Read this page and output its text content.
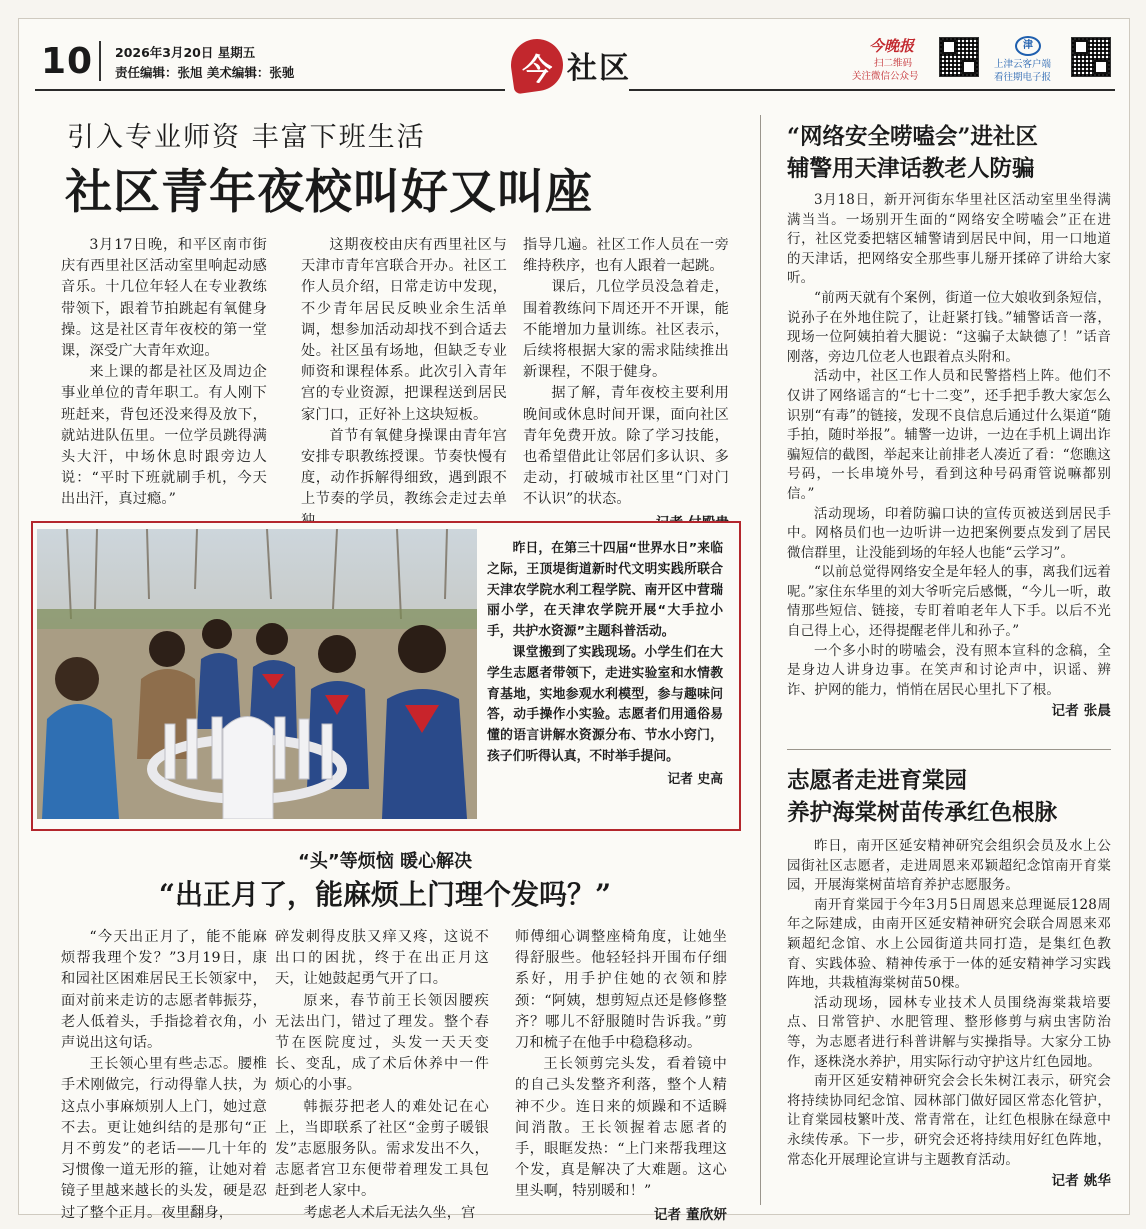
10 2026年3月20日 星期五
责任编辑：张旭 美术编辑：张驰	今 社区
今晚报
扫二维码
关注微信公众号
津
上津云客户端
看往期电子报
引入专业师资 丰富下班生活
社区青年夜校叫好又叫座

3月17日晚，和平区南市街庆有西里社区活动室里响起动感音乐。十几位年轻人在专业教练带领下，跟着节拍跳起有氧健身操。这是社区青年夜校的第一堂课，深受广大青年欢迎。

来上课的都是社区及周边企事业单位的青年职工。有人刚下班赶来，背包还没来得及放下，就站进队伍里。一位学员跳得满头大汗，中场休息时跟旁边人说：“平时下班就刷手机，今天出出汗，真过瘾。”

这期夜校由庆有西里社区与天津市青年宫联合开办。社区工作人员介绍，日常走访中发现，不少青年居民反映业余生活单调，想参加活动却找不到合适去处。社区虽有场地，但缺乏专业师资和课程体系。此次引入青年宫的专业资源，把课程送到居民家门口，正好补上这块短板。

首节有氧健身操课由青年宫安排专职教练授课。节奏快慢有度，动作拆解得细致，遇到跟不上节奏的学员，教练会走过去单

指导几遍。社区工作人员在一旁维持秩序，也有人跟着一起跳。

课后，几位学员没急着走，围着教练问下周还开不开课，能不能增加力量训练。社区表示，后续将根据大家的需求陆续推出新课程，不限于健身。

据了解，青年夜校主要利用晚间或休息时间开课，面向社区青年免费开放。除了学习技能，也希望借此让邻居们多认识、多走动，打破城市社区里“门对门不认识”的状态。

昨日，在第三十四届“世界水日”来临之际，王顶堤街道新时代文明实践所联合天津农学院水利工程学院、南开区中营瑞丽小学，在天津农学院开展“大手拉小手，共护水资源”主题科普活动。

课堂搬到了实践现场。小学生们在大学生志愿者带领下，走进实验室和水情教育基地，实地参观水利模型，参与趣味问答，动手操作小实验。志愿者们用通俗易懂的语言讲解水资源分布、节水小窍门，孩子们听得认真，不时举手提问。

记者 史高
“头”等烦恼 暖心解决
“出正月了，能麻烦上门理个发吗？”

“今天出正月了，能不能麻烦帮我理个发？”3月19日，康和园社区困难居民王长领家中，面对前来走访的志愿者韩振芬，老人低着头，手指捻着衣角，小声说出这句话。

王长领心里有些忐忑。腰椎手术刚做完，行动得靠人扶，为这点小事麻烦别人上门，她过意不去。更让她纠结的是那句“正月不剪发”的老话——几十年的习惯像一道无形的箍，让她对着镜子里越来越长的头发，硬是忍过了整个正月。夜里翻身，

碎发刺得皮肤又痒又疼，这说不出口的困扰，终于在出正月这天，让她鼓起勇气开了口。

原来，春节前王长领因腰疾无法出门，错过了理发。整个春节在医院度过，头发一天天变长、变乱，成了术后休养中一件烦心的小事。

韩振芬把老人的难处记在心上，当即联系了社区“金剪子暖银发”志愿服务队。需求发出不久，志愿者宫卫东便带着理发工具包赶到老人家中。

考虑老人术后无法久坐，宫

师傅细心调整座椅角度，让她坐得舒服些。他轻轻抖开围布仔细系好，用手护住她的衣领和脖颈：“阿姨，想剪短点还是修修整齐？哪儿不舒服随时告诉我。”剪刀和梳子在他手中稳稳移动。

王长领剪完头发，看着镜中的自己头发整齐利落，整个人精神不少。连日来的烦躁和不适瞬间消散。王长领握着志愿者的手，眼眶发热：“上门来帮我理这个发，真是解决了大难题。这心里头啊，特别暖和！”

记者 董欣妍
“网络安全唠嗑会”进社区
辅警用天津话教老人防骗

3月18日，新开河街东华里社区活动室里坐得满满当当。一场别开生面的“网络安全唠嗑会”正在进行，社区党委把辖区辅警请到居民中间，用一口地道的天津话，把网络安全那些事儿掰开揉碎了讲给大家听。

“前两天就有个案例，街道一位大娘收到条短信，说孙子在外地住院了，让赶紧打钱。”辅警话音一落，现场一位阿姨拍着大腿说：“这骗子太缺德了！”话音刚落，旁边几位老人也跟着点头附和。

活动中，社区工作人员和民警搭档上阵。他们不仅讲了网络谣言的“七十二变”，还手把手教大家怎么识别“有毒”的链接，发现不良信息后通过什么渠道“随手拍，随时举报”。辅警一边讲，一边在手机上调出诈骗短信的截图，举起来让前排老人凑近了看：“您瞧这号码，一长串境外号，看到这种号码甭管说嘛都别信。”

活动现场，印着防骗口诀的宣传页被送到居民手中。网格员们也一边听讲一边把案例要点发到了居民微信群里，让没能到场的年轻人也能“云学习”。

“以前总觉得网络安全是年轻人的事，离我们远着呢。”家住东华里的刘大爷听完后感慨，“今儿一听，敢情那些短信、链接，专盯着咱老年人下手。以后不光自己得上心，还得提醒老伴儿和孙子。”

一个多小时的唠嗑会，没有照本宣科的念稿，全是身边人讲身边事。在笑声和讨论声中，识谣、辨诈、护网的能力，悄悄在居民心里扎下了根。

记者 张晨
志愿者走进育棠园
养护海棠树苗传承红色根脉

昨日，南开区延安精神研究会组织会员及水上公园街社区志愿者，走进周恩来邓颖超纪念馆南开育棠园，开展海棠树苗培育养护志愿服务。

南开育棠园于今年3月5日周恩来总理诞辰128周年之际建成，由南开区延安精神研究会联合周恩来邓颖超纪念馆、水上公园街道共同打造，是集红色教育、实践体验、精神传承于一体的延安精神学习实践阵地，共栽植海棠树苗50棵。

活动现场，园林专业技术人员围绕海棠栽培要点、日常管护、水肥管理、整形修剪与病虫害防治等，为志愿者进行科普讲解与实操指导。大家分工协作，逐株浇水养护，用实际行动守护这片红色园地。

南开区延安精神研究会会长朱树江表示，研究会将持续协同纪念馆、园林部门做好园区常态化管护，让育棠园枝繁叶茂、常青常在，让红色根脉在绿意中永续传承。下一步，研究会还将持续用好红色阵地，常态化开展理论宣讲与主题教育活动。

记者 姚华
